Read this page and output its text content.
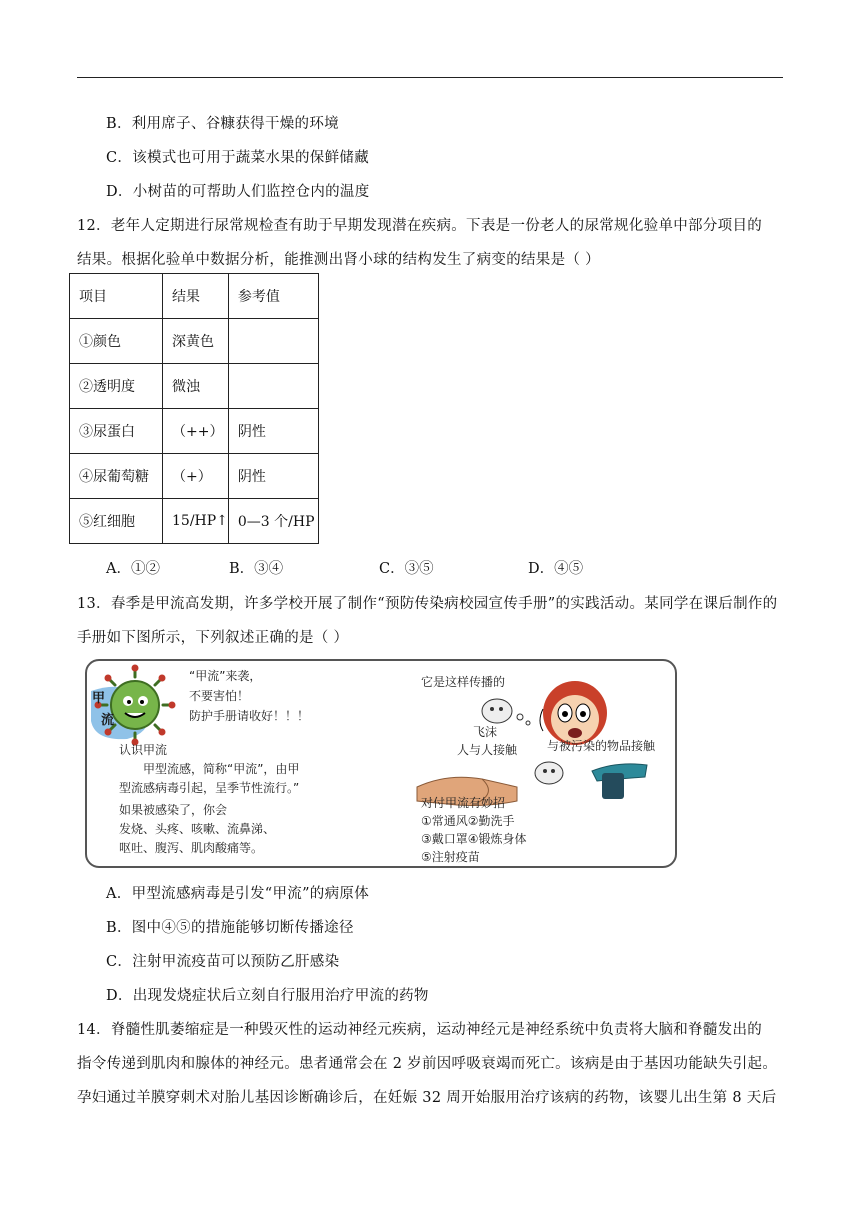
B．利用席子、谷糠获得干燥的环境
C．该模式也可用于蔬菜水果的保鲜储藏
D．小树苗的可帮助人们监控仓内的温度
12．老年人定期进行尿常规检查有助于早期发现潜在疾病。下表是一份老人的尿常规化验单中部分项目的
结果。根据化验单中数据分析，能推测出肾小球的结构发生了病变的结果是（ ）
项目	结果	参考值
①颜色	深黄色	
②透明度	微浊	
③尿蛋白	（++）	阴性
④尿葡萄糖	（+）	阴性
⑤红细胞	15/HP↑	0—3 个/HP
A．①②	B．③④	C．③⑤	D．④⑤
13．春季是甲流高发期，许多学校开展了制作“预防传染病校园宣传手册”的实践活动。某同学在课后制作的
手册如下图所示，下列叙述正确的是（ ）
甲
流
“甲流”来袭，
不要害怕！
防护手册请收好！！！
认识甲流
甲型流感，简称“甲流”，由甲
型流感病毒引起，呈季节性流行。”
如果被感染了，你会
发烧、头疼、咳嗽、流鼻涕、
呕吐、腹泻、肌肉酸痛等。
它是这样传播的
飞沫
人与人接触 与被污染的物品接触
对付甲流有妙招
①常通风②勤洗手
③戴口罩④锻炼身体
⑤注射疫苗
A．甲型流感病毒是引发“甲流”的病原体
B．图中④⑤的措施能够切断传播途径
C．注射甲流疫苗可以预防乙肝感染
D．出现发烧症状后立刻自行服用治疗甲流的药物
14．脊髓性肌萎缩症是一种毁灭性的运动神经元疾病，运动神经元是神经系统中负责将大脑和脊髓发出的
指令传递到肌肉和腺体的神经元。患者通常会在 2 岁前因呼吸衰竭而死亡。该病是由于基因功能缺失引起。
孕妇通过羊膜穿刺术对胎儿基因诊断确诊后，在妊娠 32 周开始服用治疗该病的药物，该婴儿出生第 8 天后
